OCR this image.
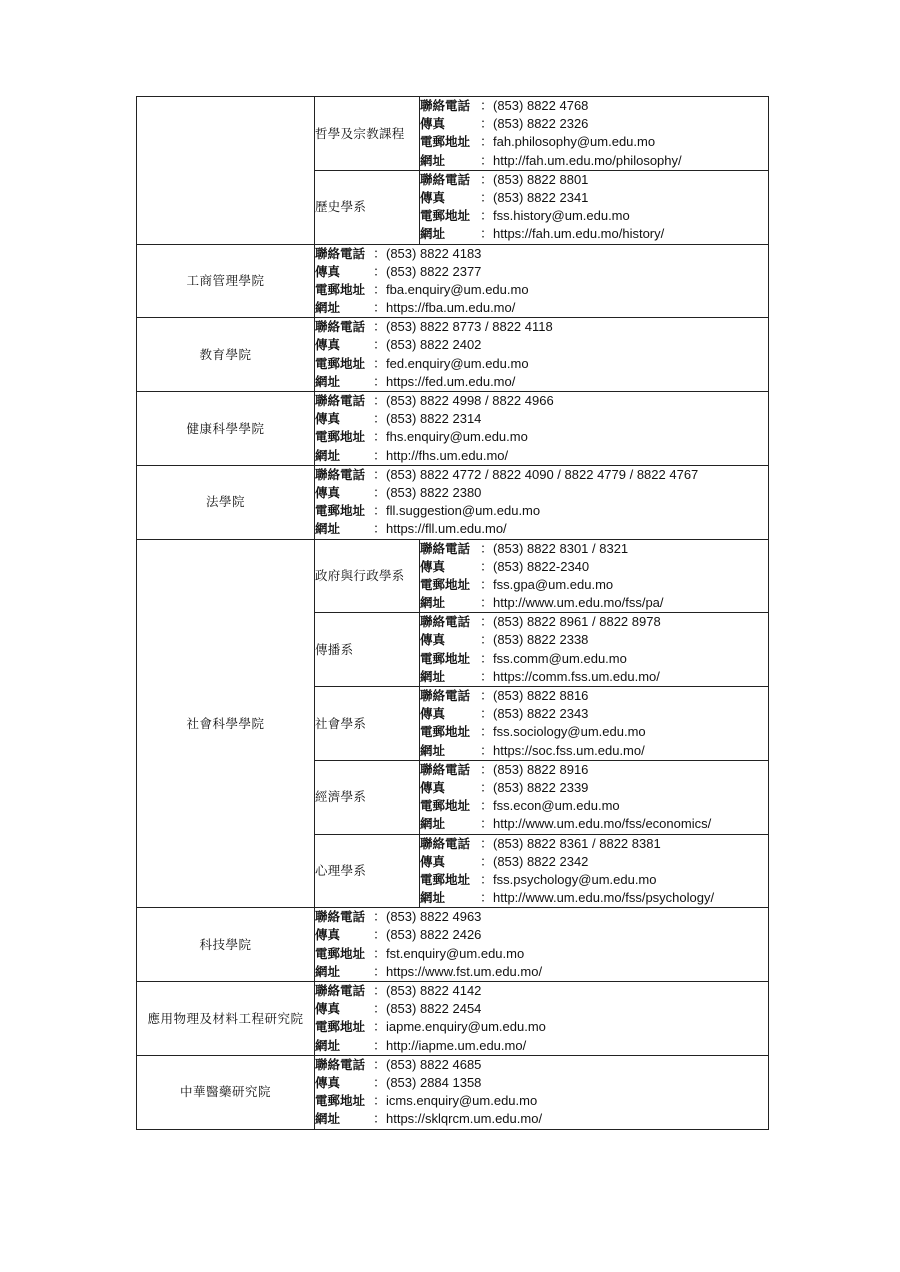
	哲學及宗教課程	聯絡電話 ：(853) 8822 4768
傳真 ：(853) 8822 2326
電郵地址 ：fah.philosophy@um.edu.mo
網址 ：http://fah.um.edu.mo/philosophy/

	歷史學系	聯絡電話 ：(853) 8822 8801
傳真 ：(853) 8822 2341
電郵地址 ：fss.history@um.edu.mo
網址 ：https://fah.um.edu.mo/history/

工商管理學院	聯絡電話 ：(853) 8822 4183
傳真 ：(853) 8822 2377
電郵地址 ：fba.enquiry@um.edu.mo
網址 ：https://fba.um.edu.mo/	

教育學院	聯絡電話 ：(853) 8822 8773 / 8822 4118
傳真 ：(853) 8822 2402
電郵地址 ：fed.enquiry@um.edu.mo
網址 ：https://fed.um.edu.mo/	

健康科學學院	聯絡電話 ：(853) 8822 4998 / 8822 4966
傳真 ：(853) 8822 2314
電郵地址 ：fhs.enquiry@um.edu.mo
網址 ：http://fhs.um.edu.mo/	

法學院	聯絡電話 ：(853) 8822 4772 / 8822 4090 / 8822 4779 / 8822 4767
傳真 ：(853) 8822 2380
電郵地址 ：fll.suggestion@um.edu.mo
網址 ：https://fll.um.edu.mo/	

社會科學學院	政府與行政學系	聯絡電話 ：(853) 8822 8301 / 8321
傳真 ：(853) 8822-2340
電郵地址 ：fss.gpa@um.edu.mo
網址 ：http://www.um.edu.mo/fss/pa/

	傳播系	聯絡電話 ：(853) 8822 8961 / 8822 8978
傳真 ：(853) 8822 2338
電郵地址 ：fss.comm@um.edu.mo
網址 ：https://comm.fss.um.edu.mo/

	社會學系	聯絡電話 ：(853) 8822 8816
傳真 ：(853) 8822 2343
電郵地址 ：fss.sociology@um.edu.mo
網址 ：https://soc.fss.um.edu.mo/

	經濟學系	聯絡電話 ：(853) 8822 8916
傳真 ：(853) 8822 2339
電郵地址 ：fss.econ@um.edu.mo
網址 ：http://www.um.edu.mo/fss/economics/

	心理學系	聯絡電話 ：(853) 8822 8361 / 8822 8381
傳真 ：(853) 8822 2342
電郵地址 ：fss.psychology@um.edu.mo
網址 ：http://www.um.edu.mo/fss/psychology/

科技學院	聯絡電話 ：(853) 8822 4963
傳真 ：(853) 8822 2426
電郵地址 ：fst.enquiry@um.edu.mo
網址 ：https://www.fst.um.edu.mo/	

應用物理及材料工程研究院	聯絡電話 ：(853) 8822 4142
傳真 ：(853) 8822 2454
電郵地址 ：iapme.enquiry@um.edu.mo
網址 ：http://iapme.um.edu.mo/	

中華醫藥研究院	聯絡電話 ：(853) 8822 4685
傳真 ：(853) 2884 1358
電郵地址 ：icms.enquiry@um.edu.mo
網址 ：https://sklqrcm.um.edu.mo/	
